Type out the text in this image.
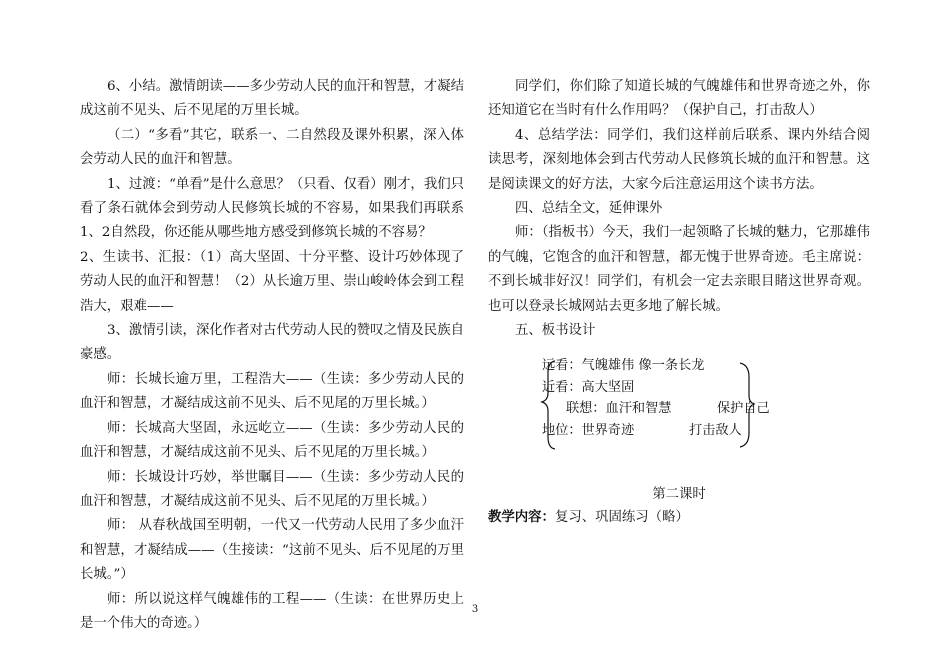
6、小结。激情朗读——多少劳动人民的血汗和智慧，才凝结成这前不见头、后不见尾的万里长城。

（二）“多看”其它，联系一、二自然段及课外积累，深入体会劳动人民的血汗和智慧。

1、过渡：“单看”是什么意思？（只看、仅看）刚才，我们只看了条石就体会到劳动人民修筑长城的不容易，如果我们再联系1、2自然段，你还能从哪些地方感受到修筑长城的不容易？

2、生读书、汇报：（1）高大坚固、十分平整、设计巧妙体现了劳动人民的血汗和智慧！（2）从长逾万里、崇山峻岭体会到工程浩大，艰难——

3、激情引读，深化作者对古代劳动人民的赞叹之情及民族自豪感。

师：长城长逾万里，工程浩大——（生读：多少劳动人民的血汗和智慧，才凝结成这前不见头、后不见尾的万里长城。）

师：长城高大坚固，永远屹立——（生读：多少劳动人民的血汗和智慧，才凝结成这前不见头、后不见尾的万里长城。）

师：长城设计巧妙，举世瞩目——（生读：多少劳动人民的血汗和智慧，才凝结成这前不见头、后不见尾的万里长城。）

师： 从春秋战国至明朝，一代又一代劳动人民用了多少血汗和智慧，才凝结成——（生接读：“这前不见头、后不见尾的万里长城。”）

师：所以说这样气魄雄伟的工程——（生读：在世界历史上是一个伟大的奇迹。）

同学们，你们除了知道长城的气魄雄伟和世界奇迹之外，你还知道它在当时有什么作用吗？（保护自己，打击敌人）

4、总结学法：同学们，我们这样前后联系、课内外结合阅读思考，深刻地体会到古代劳动人民修筑长城的血汗和智慧。这是阅读课文的好方法，大家今后注意运用这个读书方法。

四、总结全文，延伸课外

师：（指板书）今天，我们一起领略了长城的魅力，它那雄伟的气魄，它饱含的血汗和智慧，都无愧于世界奇迹。毛主席说：不到长城非好汉！同学们，有机会一定去亲眼目睹这世界奇观。也可以登录长城网站去更多地了解长城。

五、板书设计

远看：气魄雄伟 像一条长龙
近看：高大坚固
联想：血汗和智慧	保护自己
地位：世界奇迹	打击敌人

第二课时

教学内容：复习、巩固练习（略）

3
